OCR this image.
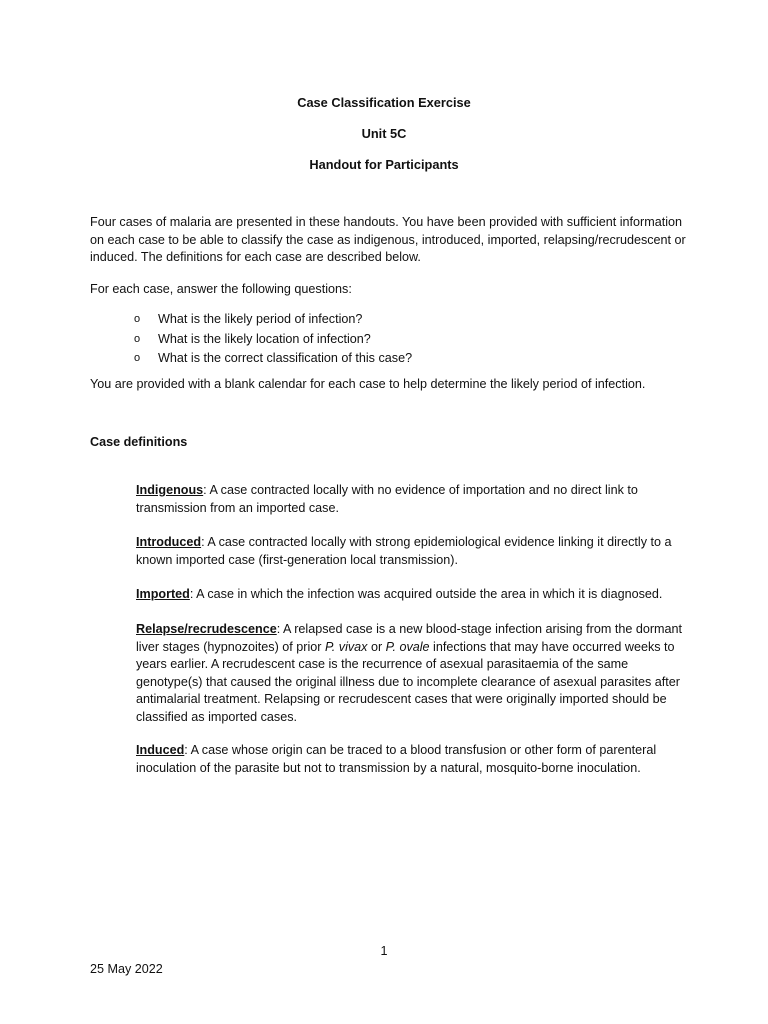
Case Classification Exercise
Unit 5C
Handout for Participants

Four cases of malaria are presented in these handouts. You have been provided with sufficient information on each case to be able to classify the case as indigenous, introduced, imported, relapsing/recrudescent or induced. The definitions for each case are described below.

For each case, answer the following questions:

o What is the likely period of infection?
o What is the likely location of infection?
o What is the correct classification of this case?

You are provided with a blank calendar for each case to help determine the likely period of infection.

Case definitions

Indigenous: A case contracted locally with no evidence of importation and no direct link to transmission from an imported case.

Introduced: A case contracted locally with strong epidemiological evidence linking it directly to a known imported case (first-generation local transmission).

Imported: A case in which the infection was acquired outside the area in which it is diagnosed.

Relapse/recrudescence: A relapsed case is a new blood-stage infection arising from the dormant liver stages (hypnozoites) of prior P. vivax or P. ovale infections that may have occurred weeks to years earlier. A recrudescent case is the recurrence of asexual parasitaemia of the same genotype(s) that caused the original illness due to incomplete clearance of asexual parasites after antimalarial treatment. Relapsing or recrudescent cases that were originally imported should be classified as imported cases.

Induced: A case whose origin can be traced to a blood transfusion or other form of parenteral inoculation of the parasite but not to transmission by a natural, mosquito-borne inoculation.

1
25 May 2022
